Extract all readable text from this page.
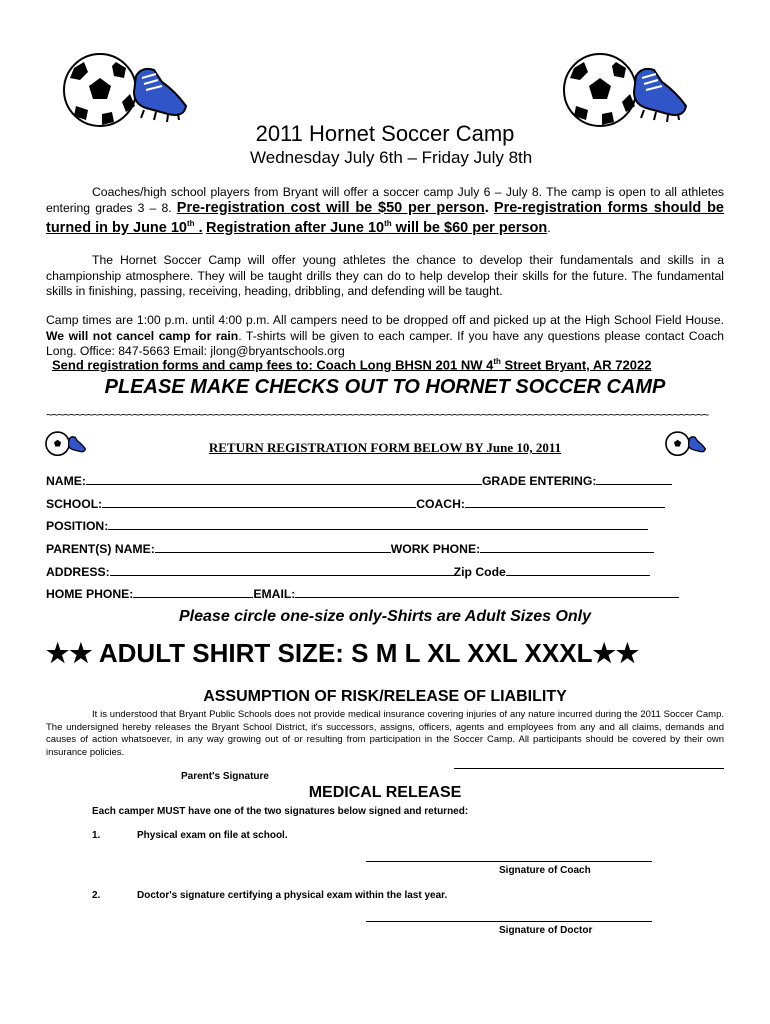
2011 Hornet Soccer Camp
Wednesday July 6th – Friday July 8th
Coaches/high school players from Bryant will offer a soccer camp July 6 – July 8. The camp is open to all athletes entering grades 3 – 8. Pre-registration cost will be $50 per person. Pre-registration forms should be turned in by June 10th . Registration after June 10th will be $60 per person.
The Hornet Soccer Camp will offer young athletes the chance to develop their fundamentals and skills in a championship atmosphere. They will be taught drills they can do to help develop their skills for the future. The fundamental skills in finishing, passing, receiving, heading, dribbling, and defending will be taught.
Camp times are 1:00 p.m. until 4:00 p.m. All campers need to be dropped off and picked up at the High School Field House. We will not cancel camp for rain. T-shirts will be given to each camper. If you have any questions please contact Coach Long. Office: 847-5663 Email: jlong@bryantschools.org
Send registration forms and camp fees to: Coach Long BHSN 201 NW 4th Street Bryant, AR 72022
PLEASE MAKE CHECKS OUT TO HORNET SOCCER CAMP
~~~~~~~~~~~~~~~~~~~~~~~~~~~~~~~~~~~~~~~~~~~~~~~~~~~~~~~~~~~~~~~~~~~~~~~~~~~~~~~~~~~~~~~~~~~~~~~~~~~~~~~~~~~~~~~~~~
RETURN REGISTRATION FORM BELOW BY June 10, 2011
NAME:	GRADE ENTERING:
SCHOOL:	COACH:
POSITION:
PARENT(S) NAME:	WORK PHONE:
ADDRESS:	Zip Code
HOME PHONE:	EMAIL:
Please circle one-size only-Shirts are Adult Sizes Only
★★ ADULT SHIRT SIZE: S M L XL XXL XXXL★★
ASSUMPTION OF RISK/RELEASE OF LIABILITY
It is understood that Bryant Public Schools does not provide medical insurance covering injuries of any nature incurred during the 2011 Soccer Camp. The undersigned hereby releases the Bryant School District, it's successors, assigns, officers, agents and employees from any and all claims, demands and causes of action whatsoever, in any way growing out of or resulting from participation in the Soccer Camp. All participants should be covered by their own insurance policies.
Parent's Signature
MEDICAL RELEASE
Each camper MUST have one of the two signatures below signed and returned:
1.	Physical exam on file at school.
Signature of Coach
2.	Doctor's signature certifying a physical exam within the last year.
Signature of Doctor
